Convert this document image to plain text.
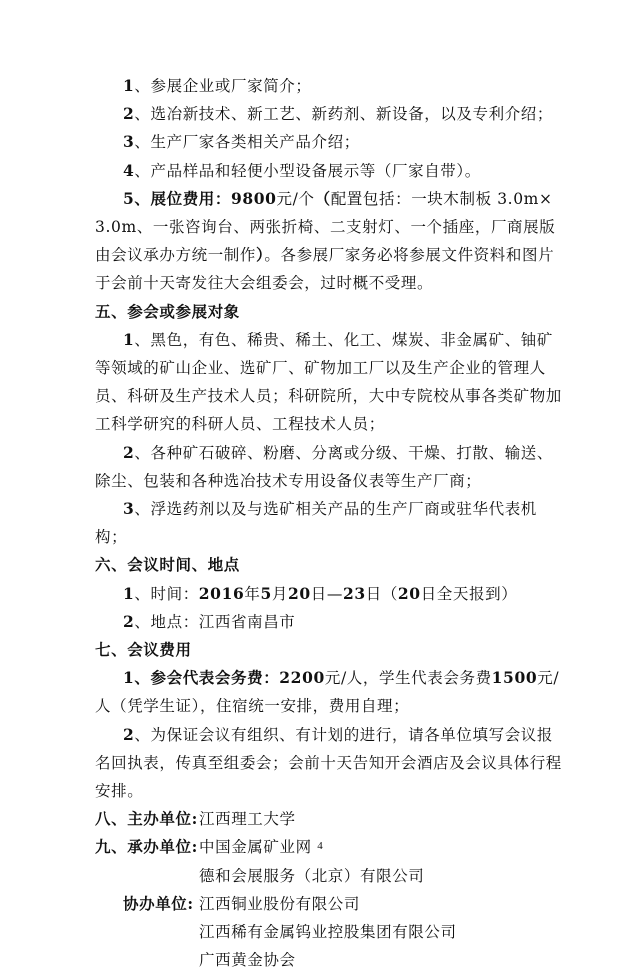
1、参展企业或厂家简介；

2、选冶新技术、新工艺、新药剂、新设备，以及专利介绍；

3、生产厂家各类相关产品介绍；

4、产品样品和轻便小型设备展示等（厂家自带）。

5、展位费用：9800元/个（配置包括：一块木制板 3.0m×3.0m、一张咨询台、两张折椅、二支射灯、一个插座，厂商展版由会议承办方统一制作）。各参展厂家务必将参展文件资料和图片于会前十天寄发往大会组委会，过时概不受理。

五、参会或参展对象

1、黑色，有色、稀贵、稀土、化工、煤炭、非金属矿、铀矿等领域的矿山企业、选矿厂、矿物加工厂以及生产企业的管理人员、科研及生产技术人员；科研院所，大中专院校从事各类矿物加工科学研究的科研人员、工程技术人员；

2、各种矿石破碎、粉磨、分离或分级、干燥、打散、输送、除尘、包装和各种选冶技术专用设备仪表等生产厂商；

3、浮选药剂以及与选矿相关产品的生产厂商或驻华代表机构；

六、会议时间、地点

1、时间：2016年5月20日—23日（20日全天报到）

2、地点：江西省南昌市

七、会议费用

1、参会代表会务费：2200元/人，学生代表会务费1500元/人（凭学生证），住宿统一安排，费用自理；

2、为保证会议有组织、有计划的进行，请各单位填写会议报名回执表，传真至组委会；会前十天告知开会酒店及会议具体行程安排。

八、主办单位: 江西理工大学
九、承办单位: 中国金属矿业网
德和会展服务（北京）有限公司
协办单位: 江西铜业股份有限公司
江西稀有金属钨业控股集团有限公司
广西黄金协会
4
